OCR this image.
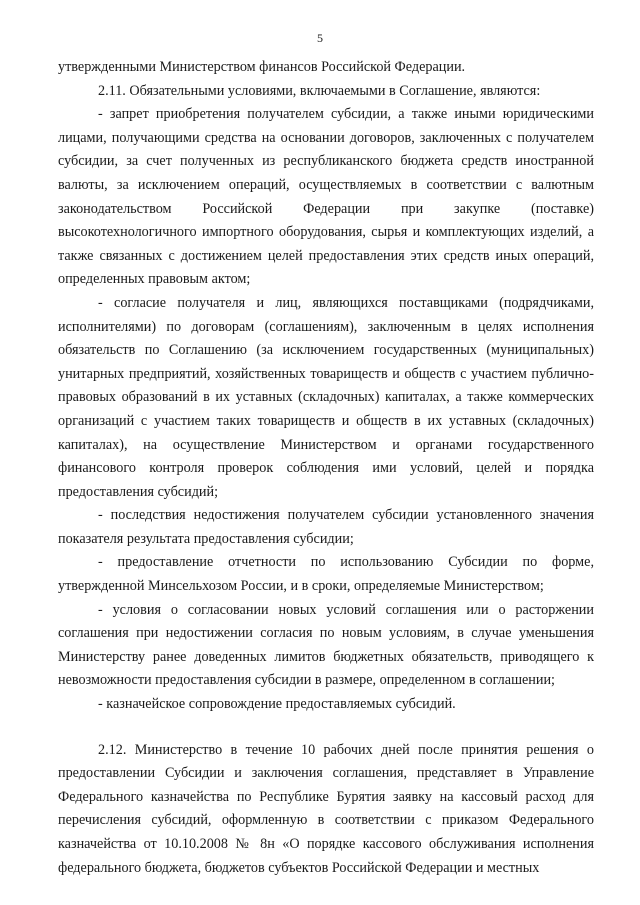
5

утвержденными Министерством финансов Российской Федерации.

2.11. Обязательными условиями, включаемыми в Соглашение, являются:

- запрет приобретения получателем субсидии, а также иными юридическими лицами, получающими средства на основании договоров, заключенных с получателем субсидии, за счет полученных из республиканского бюджета средств иностранной валюты, за исключением операций, осуществляемых в соответствии с валютным законодательством Российской Федерации при закупке (поставке) высокотехнологичного импортного оборудования, сырья и комплектующих изделий, а также связанных с достижением целей предоставления этих средств иных операций, определенных правовым актом;

- согласие получателя и лиц, являющихся поставщиками (подрядчиками, исполнителями) по договорам (соглашениям), заключенным в целях исполнения обязательств по Соглашению (за исключением государственных (муниципальных) унитарных предприятий, хозяйственных товариществ и обществ с участием публично-правовых образований в их уставных (складочных) капиталах, а также коммерческих организаций с участием таких товариществ и обществ в их уставных (складочных) капиталах), на осуществление Министерством и органами государственного финансового контроля проверок соблюдения ими условий, целей и порядка предоставления субсидий;

- последствия недостижения получателем субсидии установленного значения показателя результата предоставления субсидии;

- предоставление отчетности по использованию Субсидии по форме, утвержденной Минсельхозом России, и в сроки, определяемые Министерством;

- условия о согласовании новых условий соглашения или о расторжении соглашения при недостижении согласия по новым условиям, в случае уменьшения Министерству ранее доведенных лимитов бюджетных обязательств, приводящего к невозможности предоставления субсидии в размере, определенном в соглашении;

- казначейское сопровождение предоставляемых субсидий.

2.12. Министерство в течение 10 рабочих дней после принятия решения о предоставлении Субсидии и заключения соглашения, представляет в Управление Федерального казначейства по Республике Бурятия заявку на кассовый расход для перечисления субсидий, оформленную в соответствии с приказом Федерального казначейства от 10.10.2008 № 8н «О порядке кассового обслуживания исполнения федерального бюджета, бюджетов субъектов Российской Федерации и местных
